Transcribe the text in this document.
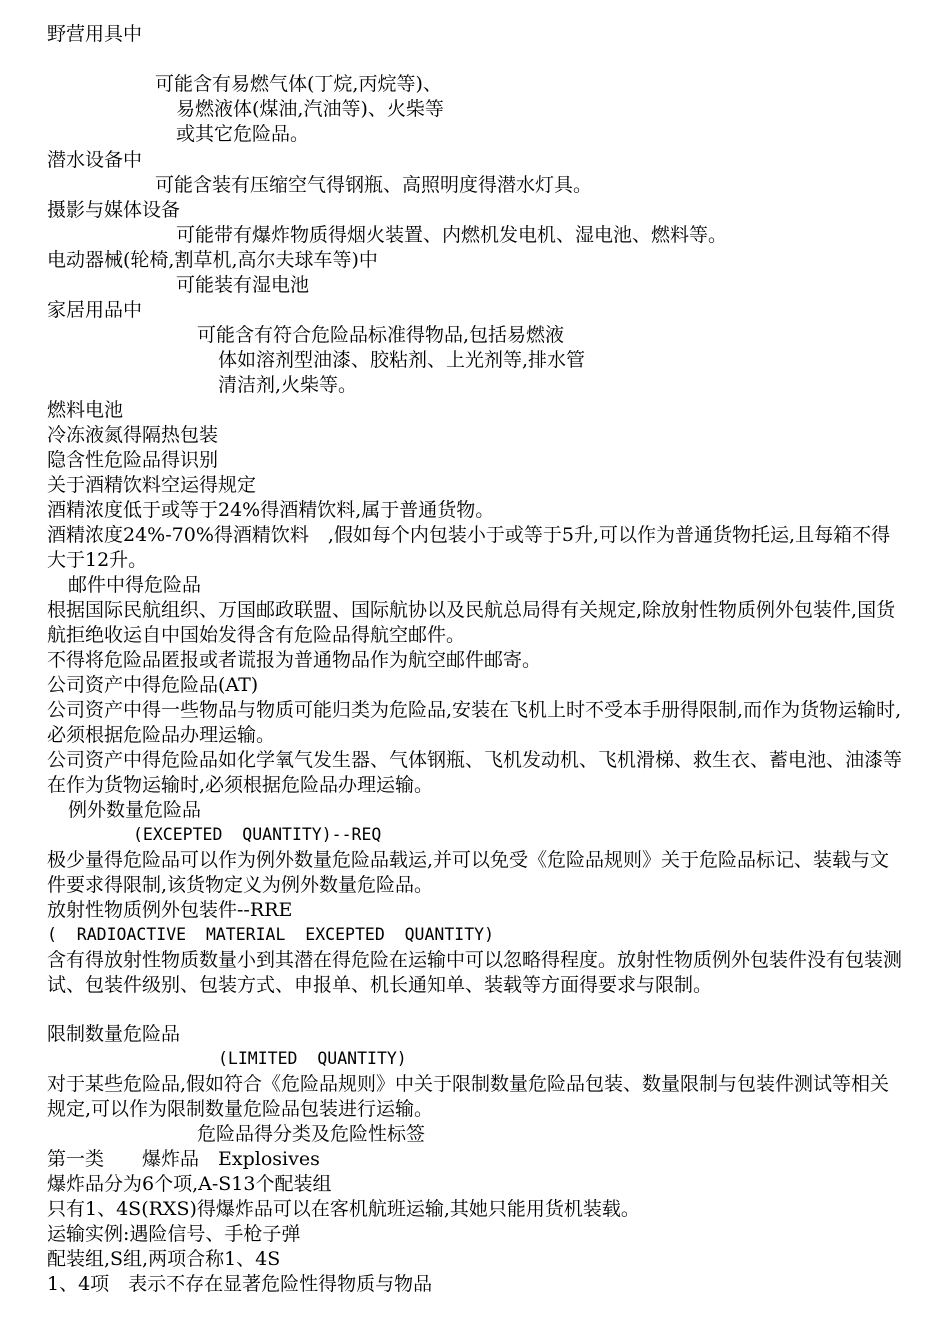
野营用具中
可能含有易燃气体(丁烷,丙烷等)、
易燃液体(煤油,汽油等)、火柴等
或其它危险品。
潜水设备中
可能含装有压缩空气得钢瓶、高照明度得潜水灯具。
摄影与媒体设备
可能带有爆炸物质得烟火装置、内燃机发电机、湿电池、燃料等。
电动器械(轮椅,割草机,高尔夫球车等)中
可能装有湿电池
家居用品中
可能含有符合危险品标准得物品,包括易燃液
体如溶剂型油漆、胶粘剂、上光剂等,排水管
清洁剂,火柴等。
燃料电池
冷冻液氮得隔热包装
隐含性危险品得识别
关于酒精饮料空运得规定
酒精浓度低于或等于24%得酒精饮料,属于普通货物。
酒精浓度24%-70%得酒精饮料　,假如每个内包装小于或等于5升,可以作为普通货物托运,且每箱不得大于12升。
邮件中得危险品
根据国际民航组织、万国邮政联盟、国际航协以及民航总局得有关规定,除放射性物质例外包装件,国货航拒绝收运自中国始发得含有危险品得航空邮件。
不得将危险品匿报或者谎报为普通物品作为航空邮件邮寄。
公司资产中得危险品(AT)
公司资产中得一些物品与物质可能归类为危险品,安装在飞机上时不受本手册得限制,而作为货物运输时,必须根据危险品办理运输。
公司资产中得危险品如化学氧气发生器、气体钢瓶、飞机发动机、飞机滑梯、救生衣、蓄电池、油漆等在作为货物运输时,必须根据危险品办理运输。
例外数量危险品
(EXCEPTED  QUANTITY)--REQ
极少量得危险品可以作为例外数量危险品载运,并可以免受《危险品规则》关于危险品标记、装载与文件要求得限制,该货物定义为例外数量危险品。
放射性物质例外包装件--RRE
(  RADIOACTIVE  MATERIAL  EXCEPTED  QUANTITY)
含有得放射性物质数量小到其潜在得危险在运输中可以忽略得程度。放射性物质例外包装件没有包装测试、包装件级别、包装方式、申报单、机长通知单、装载等方面得要求与限制。
限制数量危险品
(LIMITED  QUANTITY)
对于某些危险品,假如符合《危险品规则》中关于限制数量危险品包装、数量限制与包装件测试等相关规定,可以作为限制数量危险品包装进行运输。
危险品得分类及危险性标签
第一类　　爆炸品　Explosives
爆炸品分为6个项,A-S13个配装组
只有1、4S(RXS)得爆炸品可以在客机航班运输,其她只能用货机装载。
运输实例:遇险信号、手枪子弹
配装组,S组,两项合称1、4S
1、4项　表示不存在显著危险性得物质与物品
